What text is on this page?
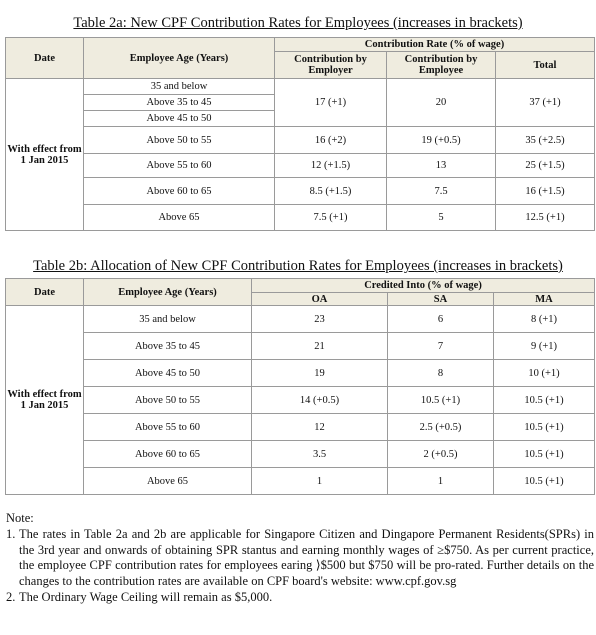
Table 2a: New CPF Contribution Rates for Employees (increases in brackets)
Date	Employee Age (Years)	Contribution Rate (% of wage)		
		Contribution by Employer	Contribution by Employee	Total
With effect from 1 Jan 2015	35 and below	17 (+1)	20	37 (+1)
	Above 35 to 45			
	Above 45 to 50			
	Above 50 to 55	16 (+2)	19 (+0.5)	35 (+2.5)
	Above 55 to 60	12 (+1.5)	13	25 (+1.5)
	Above 60 to 65	8.5 (+1.5)	7.5	16 (+1.5)
	Above 65	7.5 (+1)	5	12.5 (+1)
Table 2b: Allocation of New CPF Contribution Rates for Employees (increases in brackets)
Date	Employee Age (Years)	Credited Into (% of wage)		
		OA	SA	MA
With effect from 1 Jan 2015	35 and below	23	6	8 (+1)
	Above 35 to 45	21	7	9 (+1)
	Above 45 to 50	19	8	10 (+1)
	Above 50 to 55	14 (+0.5)	10.5 (+1)	10.5 (+1)
	Above 55 to 60	12	2.5 (+0.5)	10.5 (+1)
	Above 60 to 65	3.5	2 (+0.5)	10.5 (+1)
	Above 65	1	1	10.5 (+1)
Note:
1. The rates in Table 2a and 2b are applicable for Singapore Citizen and Dingapore Permanent Residents(SPRs) in the 3rd year and onwards of obtaining SPR stantus and earning monthly wages of ≥$750. As per current practice, the employee CPF contribution rates for employees earing ⟩$500 but $750 will be pro-rated. Further details on the changes to the contribution rates are available on CPF board's website: www.cpf.gov.sg
2. The Ordinary Wage Ceiling will remain as $5,000.
